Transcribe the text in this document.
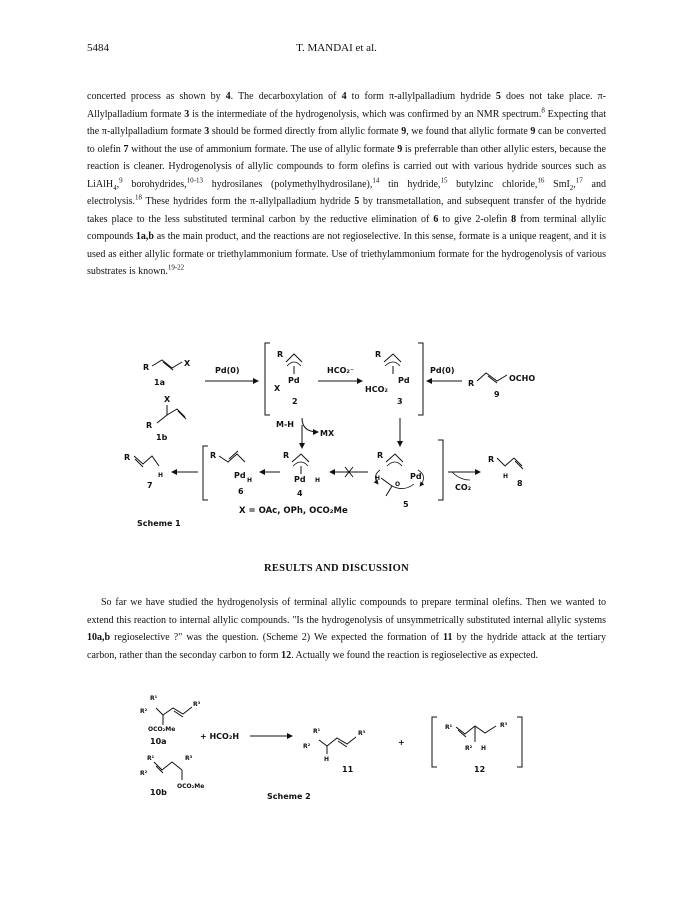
5484	T. MANDAI et al.
concerted process as shown by 4. The decarboxylation of 4 to form π-allylpalladium hydride 5 does not take place. π-Allylpalladium formate 3 is the intermediate of the hydrogenolysis, which was confirmed by an NMR spectrum.$^8$ Expecting that the π-allylpalladium formate 3 should be formed directly from allylic formate 9, we found that allylic formate 9 can be converted to olefin 7 without the use of ammonium formate. The use of allylic formate 9 is preferrable than other allylic esters, because the reaction is cleaner. Hydrogenolysis of allylic compounds to form olefins is carried out with various hydride sources such as LiAlH$_4$,$^9$ borohydrides,$^{10-13}$ hydrosilanes (polymethylhydrosilane),$^{14}$ tin hydride,$^{15}$ butylzinc chloride,$^{16}$ SmI$_2$,$^{17}$ and electrolysis.$^{18}$ These hydrides form the π-allylpalladium hydride 5 by transmetallation, and subsequent transfer of the hydride takes place to the less substituted terminal carbon by the reductive elimination of 6 to give 2-olefin 8 from terminal allylic compounds 1a,b as the main product, and the reactions are not regioselective. In this sense, formate is a unique reagent, and it is used as either allylic formate or triethylammonium formate. Use of triethylammonium formate for the hydrogenolysis of various substrates is known.$^{19-22}$
R	X
1a
X
R
1b
Pd(0)
R
Pd
X
2
HCO₂⁻
R
Pd
HCO₂
3
Pd(0)
R
OCHO
9
M-H
MX
R
H
7
R
Pd
H
6
R
Pd H
4
R
Pd
H
O
5
CO₂
R
H
8
R¹
R²
R³
OCO₂Me
10a
+ HCO₂H
R¹
R²
R³
OCO₂Me
10b
R¹
R²
R³
H
11
+
R¹	R³
R² H
12
Scheme 1
X = OAc, OPh, OCO₂Me
RESULTS AND DISCUSSION
So far we have studied the hydrogenolysis of terminal allylic compounds to prepare terminal olefins. Then we wanted to extend this reaction to internal allylic compounds. "Is the hydrogenolysis of unsymmetrically substituted internal allylic systems 10a,b regioselective ?" was the question. (Scheme 2) We expected the formation of 11 by the hydride attack at the tertiary carbon, rather than the seconday carbon to form 12. Actually we found the reaction is regioselective as expected.
Scheme 2
